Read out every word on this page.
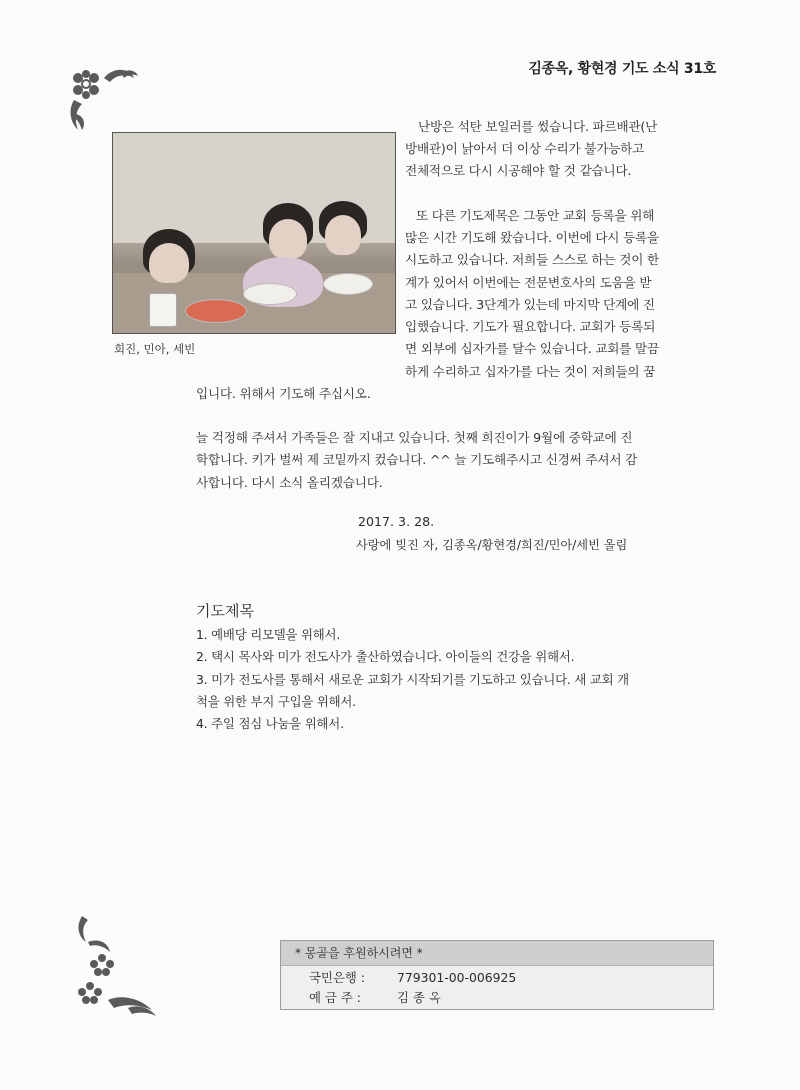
김종옥, 황현경 기도 소식 31호
희진, 민아, 세빈
난방은 석탄 보일러를 썼습니다. 파르배관(난
방배관)이 낡아서 더 이상 수리가 불가능하고
전체적으로 다시 시공해야 할 것 같습니다.
또 다른 기도제목은 그동안 교회 등록을 위해
많은 시간 기도해 왔습니다. 이번에 다시 등록을
시도하고 있습니다. 저희들 스스로 하는 것이 한
계가 있어서 이번에는 전문변호사의 도움을 받
고 있습니다. 3단계가 있는데 마지막 단계에 진
입했습니다. 기도가 필요합니다. 교회가 등록되
면 외부에 십자가를 달수 있습니다. 교회를 말끔
하게 수리하고 십자가를 다는 것이 저희들의 꿈
입니다. 위해서 기도해 주십시오.
늘 걱정해 주셔서 가족들은 잘 지내고 있습니다. 첫째 희진이가 9월에 중학교에 진
학합니다. 키가 벌써 제 코밑까지 컸습니다. ^^ 늘 기도해주시고 신경써 주셔서 감
사합니다. 다시 소식 올리겠습니다.
2017. 3. 28.
사랑에 빚진 자, 김종옥/황현경/희진/민아/세빈 올림
기도제목
1. 예배당 리모델을 위해서.
2. 택시 목사와 미가 전도사가 출산하였습니다. 아이들의 건강을 위해서.
3. 미가 전도사를 통해서 새로운 교회가 시작되기를 기도하고 있습니다. 새 교회 개
척을 위한 부지 구입을 위해서.
4. 주일 점심 나눔을 위해서.
* 몽골을 후원하시려면 *
국민은행 :	779301-00-006925
예 금 주 :	김 종 옥
